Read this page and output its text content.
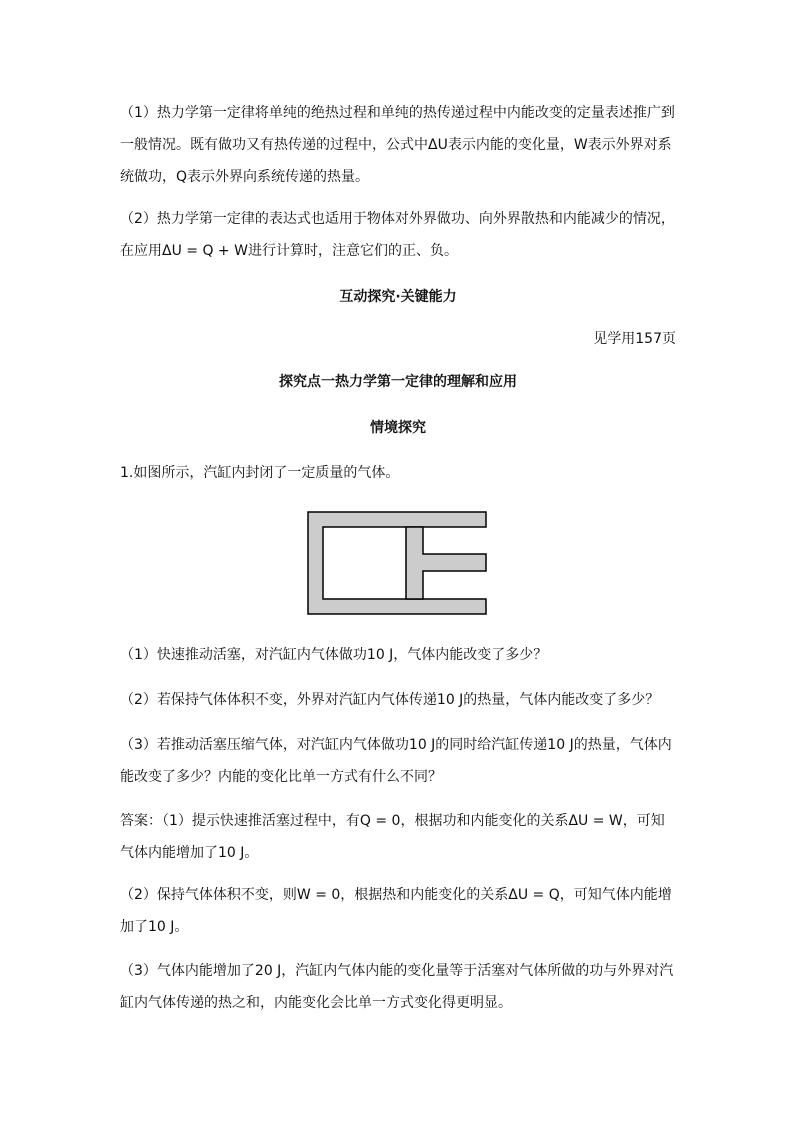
（1）热力学第一定律将单纯的绝热过程和单纯的热传递过程中内能改变的定量表述推广到一般情况。既有做功又有热传递的过程中，公式中ΔU表示内能的变化量，W表示外界对系统做功，Q表示外界向系统传递的热量。

（2）热力学第一定律的表达式也适用于物体对外界做功、向外界散热和内能减少的情况，在应用ΔU = Q + W进行计算时，注意它们的正、负。

互动探究·关键能力

见学用157页

探究点一热力学第一定律的理解和应用

情境探究

1.如图所示，汽缸内封闭了一定质量的气体。

（1）快速推动活塞，对汽缸内气体做功10 J，气体内能改变了多少？

（2）若保持气体体积不变，外界对汽缸内气体传递10 J的热量，气体内能改变了多少？

（3）若推动活塞压缩气体，对汽缸内气体做功10 J的同时给汽缸传递10 J的热量，气体内能改变了多少？内能的变化比单一方式有什么不同？

答案：（1）提示快速推活塞过程中，有Q = 0，根据功和内能变化的关系ΔU = W，可知气体内能增加了10 J。

（2）保持气体体积不变，则W = 0，根据热和内能变化的关系ΔU = Q，可知气体内能增加了10 J。

（3）气体内能增加了20 J，汽缸内气体内能的变化量等于活塞对气体所做的功与外界对汽缸内气体传递的热之和，内能变化会比单一方式变化得更明显。
